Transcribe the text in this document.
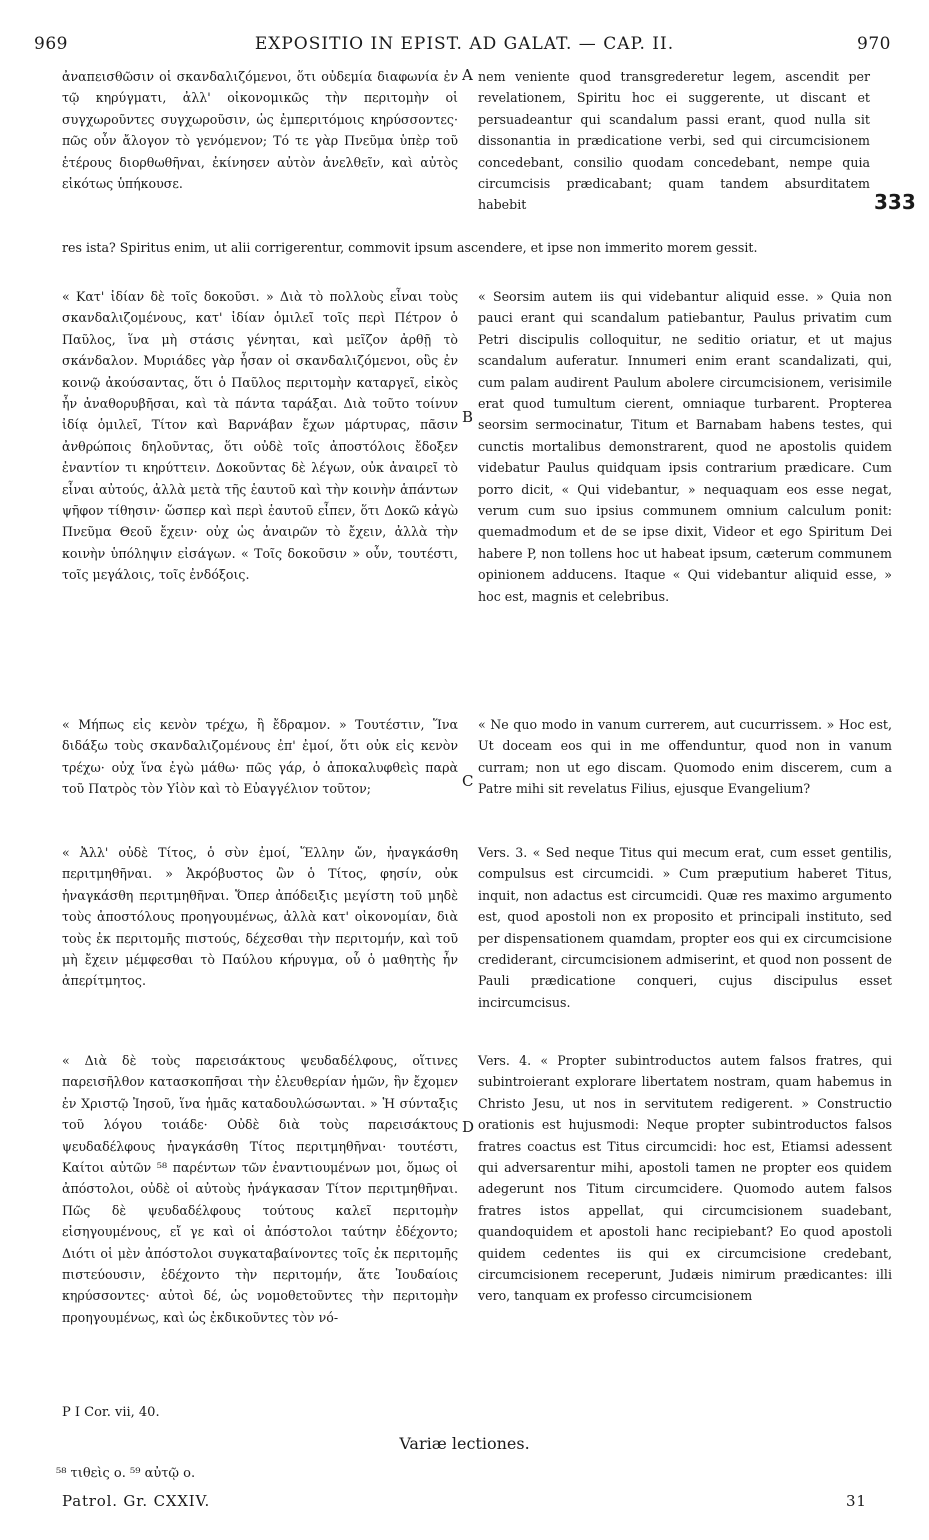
969	EXPOSITIO IN EPIST. AD GALAT. — CAP. II.	970
ἀναπεισθῶσιν οἱ σκανδαλιζόμενοι, ὅτι οὐδεμία διαφωνία ἐν τῷ κηρύγματι, ἀλλ' οἰκονομικῶς τὴν περιτομὴν οἱ συγχωροῦντες συγχωροῦσιν, ὡς ἐμπεριτόμοις κηρύσσοντες· πῶς οὖν ἄλογον τὸ γενόμενον; Τό τε γὰρ Πνεῦμα ὑπὲρ τοῦ ἑτέρους διορθωθῆναι, ἐκίνησεν αὐτὸν ἀνελθεῖν, καὶ αὐτὸς εἰκότως ὑπήκουσε.
« Κατ' ἰδίαν δὲ τοῖς δοκοῦσι. » Διὰ τὸ πολλοὺς εἶναι τοὺς σκανδαλιζομένους, κατ' ἰδίαν ὁμιλεῖ τοῖς περὶ Πέτρον ὁ Παῦλος, ἵνα μὴ στάσις γένηται, καὶ μεῖζον ἀρθῇ τὸ σκάνδαλον. Μυριάδες γὰρ ἦσαν οἱ σκανδαλιζόμενοι, οὓς ἐν κοινῷ ἀκούσαντας, ὅτι ὁ Παῦλος περιτομὴν καταργεῖ, εἰκὸς ἦν ἀναθορυβῆσαι, καὶ τὰ πάντα ταράξαι. Διὰ τοῦτο τοίνυν ἰδίᾳ ὁμιλεῖ, Τίτον καὶ Βαρνάβαν ἔχων μάρτυρας, πᾶσιν ἀνθρώποις δηλοῦντας, ὅτι οὐδὲ τοῖς ἀποστόλοις ἔδοξεν ἐναντίον τι κηρύττειν. Δοκοῦντας δὲ λέγων, οὐκ ἀναιρεῖ τὸ εἶναι αὐτούς, ἀλλὰ μετὰ τῆς ἑαυτοῦ καὶ τὴν κοινὴν ἁπάντων ψῆφον τίθησιν· ὥσπερ καὶ περὶ ἑαυτοῦ εἶπεν, ὅτι Δοκῶ κἀγὼ Πνεῦμα Θεοῦ ἔχειν· οὐχ ὡς ἀναιρῶν τὸ ἔχειν, ἀλλὰ τὴν κοινὴν ὑπόληψιν εἰσάγων. « Τοῖς δοκοῦσιν » οὖν, τουτέστι, τοῖς μεγάλοις, τοῖς ἐνδόξοις.
« Μήπως εἰς κενὸν τρέχω, ἢ ἔδραμον. » Τουτέστιν, Ἵνα διδάξω τοὺς σκανδαλιζομένους ἐπ' ἐμοί, ὅτι οὐκ εἰς κενὸν τρέχω· οὐχ ἵνα ἐγὼ μάθω· πῶς γάρ, ὁ ἀποκαλυφθεὶς παρὰ τοῦ Πατρὸς τὸν Υἱὸν καὶ τὸ Εὐαγγέλιον τοῦτον;
« Ἀλλ' οὐδὲ Τίτος, ὁ σὺν ἐμοί, Ἕλλην ὤν, ἠναγκάσθη περιτμηθῆναι. » Ἀκρόβυστος ὢν ὁ Τίτος, φησίν, οὐκ ἠναγκάσθη περιτμηθῆναι. Ὅπερ ἀπόδειξις μεγίστη τοῦ μηδὲ τοὺς ἀποστόλους προηγουμένως, ἀλλὰ κατ' οἰκονομίαν, διὰ τοὺς ἐκ περιτομῆς πιστούς, δέχεσθαι τὴν περιτομήν, καὶ τοῦ μὴ ἔχειν μέμφεσθαι τὸ Παύλου κήρυγμα, οὗ ὁ μαθητὴς ἦν ἀπερίτμητος.
« Διὰ δὲ τοὺς παρεισάκτους ψευδαδέλφους, οἵτινες παρεισῆλθον κατασκοπῆσαι τὴν ἐλευθερίαν ἡμῶν, ἣν ἔχομεν ἐν Χριστῷ Ἰησοῦ, ἵνα ἡμᾶς καταδουλώσωνται. » Ἡ σύνταξις τοῦ λόγου τοιάδε· Οὐδὲ διὰ τοὺς παρεισάκτους ψευδαδέλφους ἠναγκάσθη Τίτος περιτμηθῆναι· τουτέστι, Καίτοι αὐτῶν ⁵⁸ παρέντων τῶν ἐναντιουμένων μοι, ὅμως οἱ ἀπόστολοι, οὐδὲ οἱ αὐτοὺς ἠνάγκασαν Τίτον περιτμηθῆναι. Πῶς δὲ ψευδαδέλφους τούτους καλεῖ περιτομὴν εἰσηγουμένους, εἴ γε καὶ οἱ ἀπόστολοι ταύτην ἐδέχοντο; Διότι οἱ μὲν ἀπόστολοι συγκαταβαίνοντες τοῖς ἐκ περιτομῆς πιστεύουσιν, ἐδέχοντο τὴν περιτομήν, ἅτε Ἰουδαίοις κηρύσσοντες· αὐτοὶ δέ, ὡς νομοθετοῦντες τὴν περιτομὴν προηγουμένως, καὶ ὡς ἐκδικοῦντες τὸν νό-
nem veniente quod transgrederetur legem, ascendit per revelationem, Spiritu hoc ei suggerente, ut discant et persuadeantur qui scandalum passi erant, quod nulla sit dissonantia in prædicatione verbi, sed qui circumcisionem concedebant, consilio quodam concedebant, nempe quia circumcisis prædicabant; quam tandem absurditatem habebit
res ista? Spiritus enim, ut alii corrigerentur, commovit ipsum ascendere, et ipse non immerito morem gessit.
« Seorsim autem iis qui videbantur aliquid esse. » Quia non pauci erant qui scandalum patiebantur, Paulus privatim cum Petri discipulis colloquitur, ne seditio oriatur, et ut majus scandalum auferatur. Innumeri enim erant scandalizati, qui, cum palam audirent Paulum abolere circumcisionem, verisimile erat quod tumultum cierent, omniaque turbarent. Propterea seorsim sermocinatur, Titum et Barnabam habens testes, qui cunctis mortalibus demonstrarent, quod ne apostolis quidem videbatur Paulus quidquam ipsis contrarium prædicare. Cum porro dicit, « Qui videbantur, » nequaquam eos esse negat, verum cum suo ipsius communem omnium calculum ponit: quemadmodum et de se ipse dixit, Videor et ego Spiritum Dei habere P, non tollens hoc ut habeat ipsum, cæterum communem opinionem adducens. Itaque « Qui videbantur aliquid esse, » hoc est, magnis et celebribus.
« Ne quo modo in vanum currerem, aut cucurrissem. » Hoc est, Ut doceam eos qui in me offenduntur, quod non in vanum curram; non ut ego discam. Quomodo enim discerem, cum a Patre mihi sit revelatus Filius, ejusque Evangelium?
Vers. 3. « Sed neque Titus qui mecum erat, cum esset gentilis, compulsus est circumcidi. » Cum præputium haberet Titus, inquit, non adactus est circumcidi. Quæ res maximo argumento est, quod apostoli non ex proposito et principali instituto, sed per dispensationem quamdam, propter eos qui ex circumcisione crediderant, circumcisionem admiserint, et quod non possent de Pauli prædicatione conqueri, cujus discipulus esset incircumcisus.
Vers. 4. « Propter subintroductos autem falsos fratres, qui subintroierant explorare libertatem nostram, quam habemus in Christo Jesu, ut nos in servitutem redigerent. » Constructio orationis est hujusmodi: Neque propter subintroductos falsos fratres coactus est Titus circumcidi: hoc est, Etiamsi adessent qui adversarentur mihi, apostoli tamen ne propter eos quidem adegerunt nos Titum circumcidere. Quomodo autem falsos fratres istos appellat, qui circumcisionem suadebant, quandoquidem et apostoli hanc recipiebant? Eo quod apostoli quidem cedentes iis qui ex circumcisione credebant, circumcisionem receperunt, Judæis nimirum prædicantes: illi vero, tanquam ex professo circumcisionem
A
B
C
D
333
P I Cor. vii, 40.
Variæ lectiones.
⁵⁸ τιθεὶς ο. ⁵⁹ αὐτῷ ο.
Patrol. Gr. CXXIV.	31
